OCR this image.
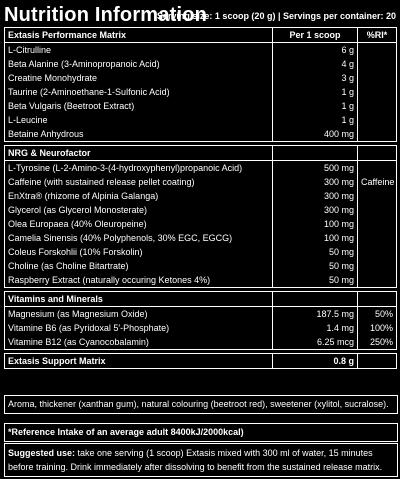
Nutrition Information
Serving size: 1 scoop (20 g) | Servings per container: 20
Extasis Performance Matrix	Per 1 scoop	%RI*
L-Citrulline	6 g	
Beta Alanine (3-Aminopropanoic Acid)	4 g	
Creatine Monohydrate	3 g	
Taurine (2-Aminoethane-1-Sulfonic Acid)	1 g	
Beta Vulgaris (Beetroot Extract)	1 g	
L-Leucine	1 g	
Betaine Anhydrous	400 mg	

NRG & Neurofactor		
L-Tyrosine (L-2-Amino-3-(4-hydroxyphenyl)propanoic Acid)	500 mg	
Caffeine (with sustained release pellet coating)	300 mg	Caffeine
EnXtra® (rhizome of Alpinia Galanga)	300 mg	
Glycerol (as Glycerol Monosterate)	300 mg	
Olea Europaea (40% Oleuropeine)	100 mg	
Camelia Sinensis (40% Polyphenols, 30% EGC, EGCG)	100 mg	
Coleus Forskohlii (10% Forskolin)	50 mg	
Choline (as Choline Bitartrate)	50 mg	
Raspberry Extract (naturally occuring Ketones 4%)	50 mg	

Vitamins and Minerals		
Magnesium (as Magnesium Oxide)	187.5 mg	50%
Vitamine B6 (as Pyridoxal 5′-Phosphate)	1.4 mg	100%
Vitamine B12 (as Cyanocobalamin)	6.25 mcg	250%

Extasis Support Matrix	0.8 g	
Aroma, thickener (xanthan gum), natural colouring (beetroot red), sweetener (xylitol, sucralose).
*Reference Intake of an average adult 8400kJ/2000kcal)
Suggested use: take one serving (1 scoop) Extasis mixed with 300 ml of water, 15 minutes
before training. Drink immediately after dissolving to benefit from the sustained release matrix.
